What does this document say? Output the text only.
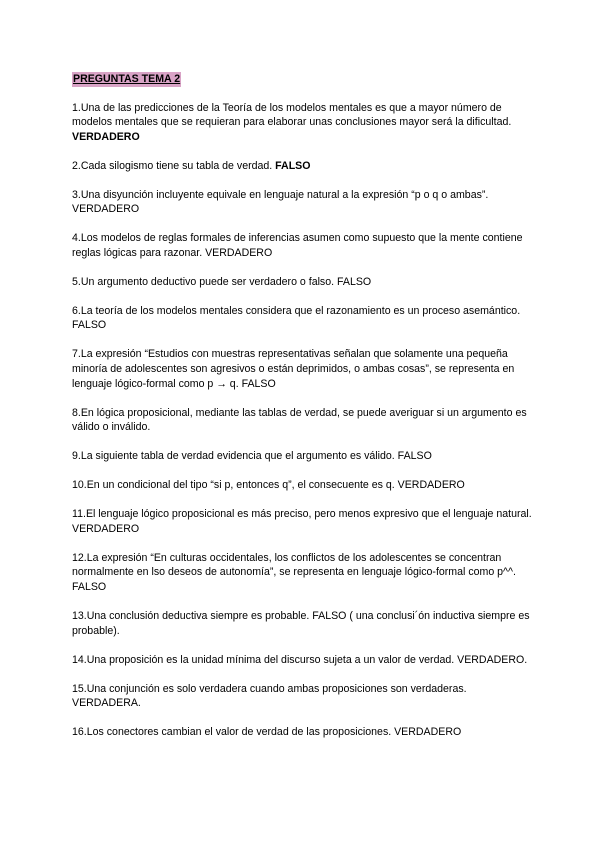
PREGUNTAS TEMA 2
1.Una de las predicciones de la Teoría de los modelos mentales es que a mayor número de modelos mentales que se requieran para elaborar unas conclusiones mayor será la dificultad. VERDADERO
2.Cada silogismo tiene su tabla de verdad. FALSO
3.Una disyunción incluyente equivale en lenguaje natural a la expresión “p o q o ambas”. VERDADERO
4.Los modelos de reglas formales de inferencias asumen como supuesto que la mente contiene reglas lógicas para razonar. VERDADERO
5.Un argumento deductivo puede ser verdadero o falso. FALSO
6.La teoría de los modelos mentales considera que el razonamiento es un proceso asemántico. FALSO
7.La expresión “Estudios con muestras representativas señalan que solamente una pequeña minoría de adolescentes son agresivos o están deprimidos, o ambas cosas”, se representa en lenguaje lógico-formal como p → q. FALSO
8.En lógica proposicional, mediante las tablas de verdad, se puede averiguar si un argumento es válido o inválido.
9.La siguiente tabla de verdad evidencia que el argumento es válido. FALSO
10.En un condicional del tipo “si p, entonces q”, el consecuente es q. VERDADERO
11.El lenguaje lógico proposicional es más preciso, pero menos expresivo que el lenguaje natural. VERDADERO
12.La expresión “En culturas occidentales, los conflictos de los adolescentes se concentran normalmente en lso deseos de autonomía”, se representa en lenguaje lógico-formal como p^^. FALSO
13.Una conclusión deductiva siempre es probable. FALSO ( una conclusi´ón inductiva siempre es probable).
14.Una proposición es la unidad mínima del discurso sujeta a un valor de verdad. VERDADERO.
15.Una conjunción es solo verdadera cuando ambas proposiciones son verdaderas. VERDADERA.
16.Los conectores cambian el valor de verdad de las proposiciones. VERDADERO
